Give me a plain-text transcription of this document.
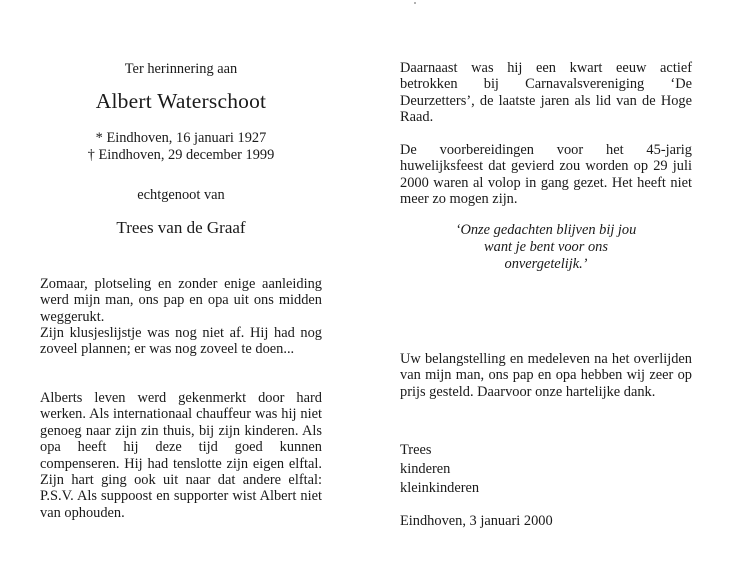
Ter herinnering aan
Albert Waterschoot
* Eindhoven, 16 januari 1927
† Eindhoven, 29 december 1999
echtgenoot van
Trees van de Graaf

Zomaar, plotseling en zonder enige aanleiding werd mijn man, ons pap en opa uit ons midden weggerukt.

Zijn klusjeslijstje was nog niet af. Hij had nog zoveel plannen; er was nog zoveel te doen...

Alberts leven werd gekenmerkt door hard werken. Als internationaal chauffeur was hij niet genoeg naar zijn zin thuis, bij zijn kinderen. Als opa heeft hij deze tijd goed kunnen compenseren. Hij had tenslotte zijn eigen elftal. Zijn hart ging ook uit naar dat andere elftal: P.S.V. Als suppoost en supporter wist Albert niet van ophouden.

Daarnaast was hij een kwart eeuw actief betrokken bij Carnavalsvereniging ‘De Deurzetters’, de laatste jaren als lid van de Hoge Raad.

De voorbereidingen voor het 45-jarig huwelijksfeest dat gevierd zou worden op 29 juli 2000 waren al volop in gang gezet. Het heeft niet meer zo mogen zijn.

‘Onze gedachten blijven bij jou
want je bent voor ons
onvergetelijk.’

Uw belangstelling en medeleven na het overlijden van mijn man, ons pap en opa hebben wij zeer op prijs gesteld. Daarvoor onze hartelijke dank.

Trees
kinderen
kleinkinderen
Eindhoven, 3 januari 2000
